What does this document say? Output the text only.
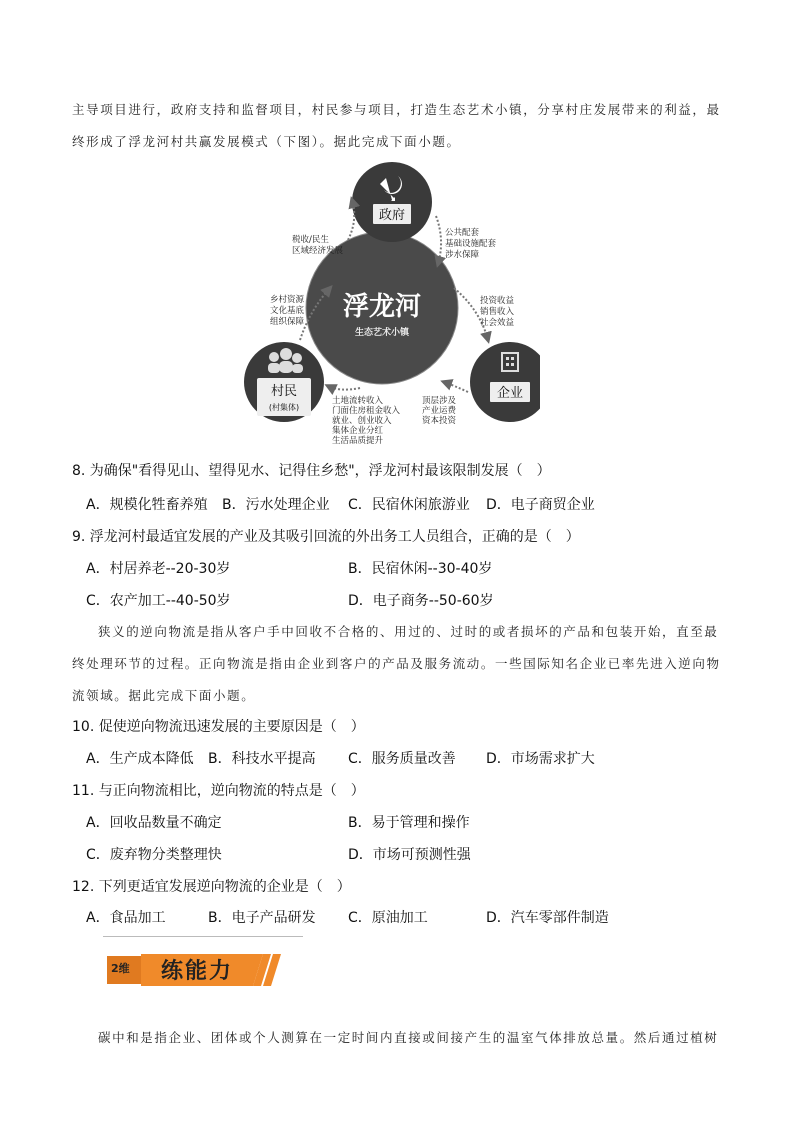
主导项目进行，政府支持和监督项目，村民参与项目，打造生态艺术小镇，分享村庄发展带来的利益，最
终形成了浮龙河村共赢发展模式（下图）。据此完成下面小题。
浮龙河
生态艺术小镇
政府
村民
(村集体)
企业
公共配套
基础设施配套
涉水保障
税收/民生
区域经济发展
乡村资源
文化基底
组织保障
投资收益
销售收入
社会效益
土地流转收入
门面住房租金收入
就业、创业收入
顶层涉及
产业运费
资本投资
集体企业分红
生活品质提升
8. 为确保"看得见山、望得见水、记得住乡愁"，浮龙河村最该限制发展（　）
A．规模化牲畜养殖 B．污水处理企业 C．民宿休闲旅游业 D．电子商贸企业
9. 浮龙河村最适宜发展的产业及其吸引回流的外出务工人员组合，正确的是（　）
A．村居养老--20-30岁	B．民宿休闲--30-40岁
C．农产加工--40-50岁	D．电子商务--50-60岁
狭义的逆向物流是指从客户手中回收不合格的、用过的、过时的或者损坏的产品和包装开始，直至最
终处理环节的过程。正向物流是指由企业到客户的产品及服务流动。一些国际知名企业已率先进入逆向物
流领域。据此完成下面小题。
10. 促使逆向物流迅速发展的主要原因是（　）
A．生产成本降低 B．科技水平提高 C．服务质量改善 D．市场需求扩大
11. 与正向物流相比，逆向物流的特点是（　）
A．回收品数量不确定	B．易于管理和操作
C．废弃物分类整理快	D．市场可预测性强
12. 下列更适宜发展逆向物流的企业是（　）
A．食品加工	B．电子产品研发 C．原油加工	D．汽车零部件制造
2维	练能力
碳中和是指企业、团体或个人测算在一定时间内直接或间接产生的温室气体排放总量。然后通过植树
